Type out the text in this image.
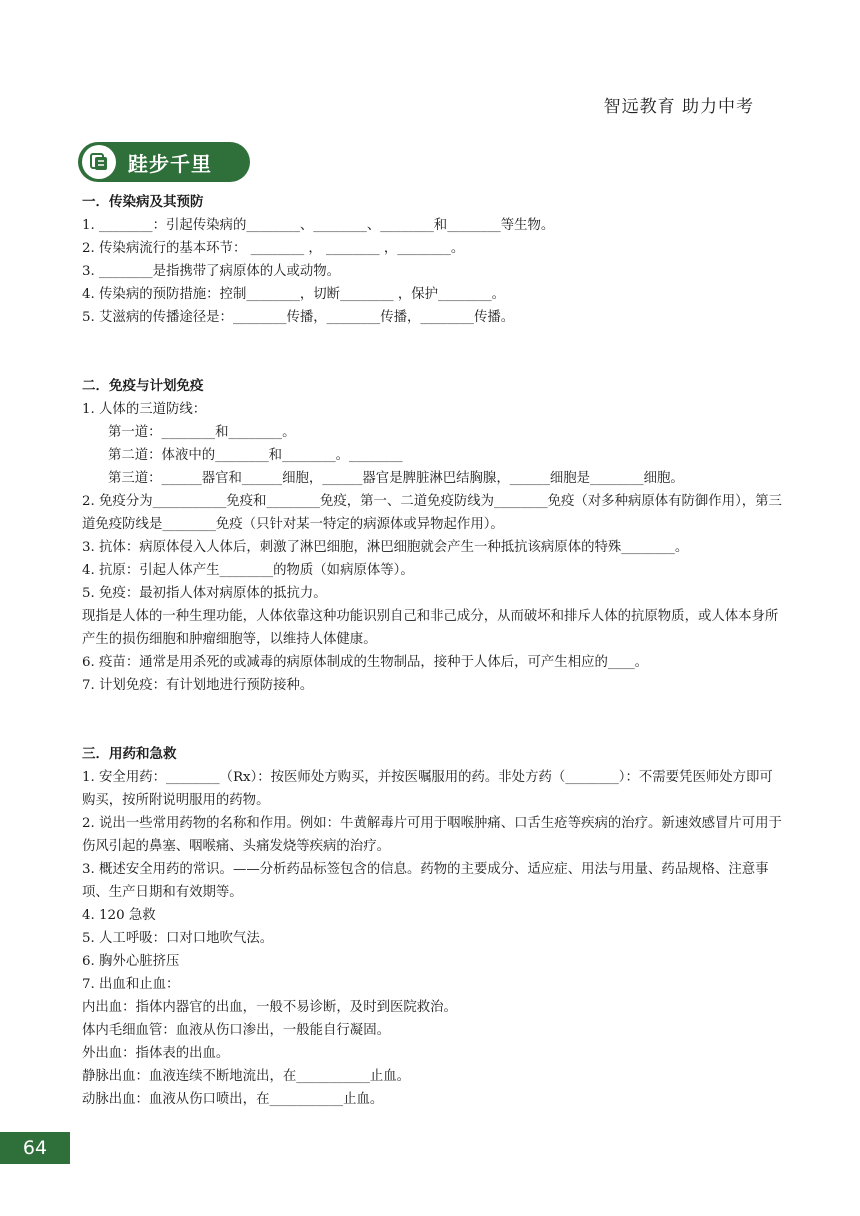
智远教育 助力中考
跬步千里
一．传染病及其预防
1. ________：引起传染病的________、________、________和________等生物。
2. 传染病流行的基本环节： ________ ， ________ ，________。
3. ________是指携带了病原体的人或动物。
4. 传染病的预防措施：控制________，切断________ ，保护________。
5. 艾滋病的传播途径是：________传播，________传播，________传播。
二．免疫与计划免疫
1. 人体的三道防线：
第一道：________和________。
第二道：体液中的________和________。________
第三道：______器官和______细胞，______器官是脾脏淋巴结胸腺，______细胞是________细胞。
2. 免疫分为___________免疫和________免疫，第一、二道免疫防线为________免疫（对多种病原体有防御作用），第三道免疫防线是________免疫（只针对某一特定的病源体或异物起作用）。
3. 抗体：病原体侵入人体后，刺激了淋巴细胞，淋巴细胞就会产生一种抵抗该病原体的特殊________。
4. 抗原：引起人体产生________的物质（如病原体等）。
5. 免疫：最初指人体对病原体的抵抗力。
现指是人体的一种生理功能，人体依靠这种功能识别自己和非己成分，从而破坏和排斥人体的抗原物质，或人体本身所产生的损伤细胞和肿瘤细胞等，以维持人体健康。
6. 疫苗：通常是用杀死的或减毒的病原体制成的生物制品，接种于人体后，可产生相应的____。
7. 计划免疫：有计划地进行预防接种。
三．用药和急救
1. 安全用药：________（Rx）：按医师处方购买，并按医嘱服用的药。非处方药（________）：不需要凭医师处方即可购买，按所附说明服用的药物。
2. 说出一些常用药物的名称和作用。例如：牛黄解毒片可用于咽喉肿痛、口舌生疮等疾病的治疗。新速效感冒片可用于伤风引起的鼻塞、咽喉痛、头痛发烧等疾病的治疗。
3. 概述安全用药的常识。——分析药品标签包含的信息。药物的主要成分、适应症、用法与用量、药品规格、注意事项、生产日期和有效期等。
4. 120 急救
5. 人工呼吸：口对口地吹气法。
6. 胸外心脏挤压
7. 出血和止血：
内出血：指体内器官的出血，一般不易诊断，及时到医院救治。
体内毛细血管：血液从伤口渗出，一般能自行凝固。
外出血：指体表的出血。
静脉出血：血液连续不断地流出，在___________止血。
动脉出血：血液从伤口喷出，在___________止血。
64
